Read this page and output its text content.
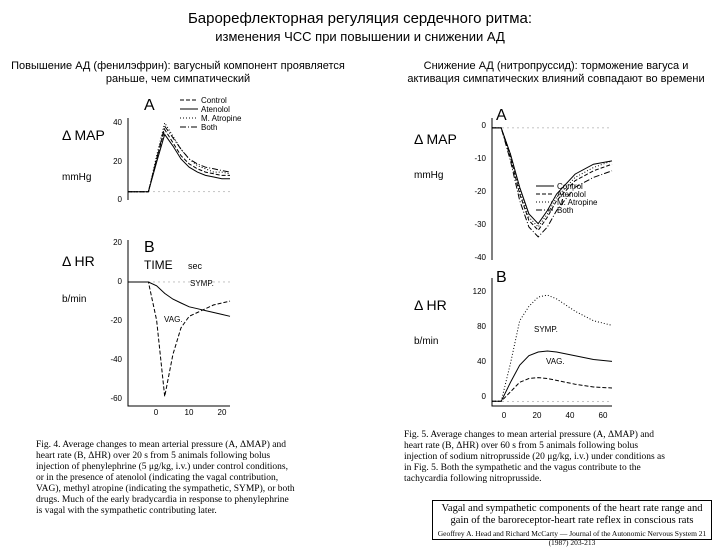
Барорефлекторная регуляция сердечного ритма:
изменения ЧСС при повышении и снижении АД
Повышение АД (фенилэфрин): вагусный компонент проявляется раньше, чем симпатический
Снижение АД (нитропруссид): торможение вагуса и активация симпатических влияний совпадают во времени
A
Δ MAP
mmHg
40
20
0
Control
Atenolol
M. Atropine
Both
B
Δ HR
b/min
20
0
-20
-40
-60
TIME sec
SYMP.
VAG.
0	10	20
A
Δ MAP
mmHg
0
-10
-20
-30
-40
Control
Atenolol
M. Atropine
Both
B
Δ HR
b/min
120
80
40
0
SYMP.
VAG.
0	20	40	60
Fig. 4. Average changes to mean arterial pressure (A, ΔMAP) and heart rate (B, ΔHR) over 20 s from 5 animals following bolus injection of phenylephrine (5 μg/kg, i.v.) under control conditions, or in the presence of atenolol (indicating the vagal contribution, VAG), methyl atropine (indicating the sympathetic, SYMP), or both drugs. Much of the early bradycardia in response to phenylephrine is vagal with the sympathetic contributing later.
Fig. 5. Average changes to mean arterial pressure (A, ΔMAP) and heart rate (B, ΔHR) over 60 s from 5 animals following bolus injection of sodium nitroprusside (20 μg/kg, i.v.) under conditions as in Fig. 5. Both the sympathetic and the vagus contribute to the tachycardia following nitroprusside.
Vagal and sympathetic components of the heart rate range and gain of the baroreceptor-heart rate reflex in conscious rats
Geoffrey A. Head and Richard McCarty — Journal of the Autonomic Nervous System 21 (1987) 203-213
